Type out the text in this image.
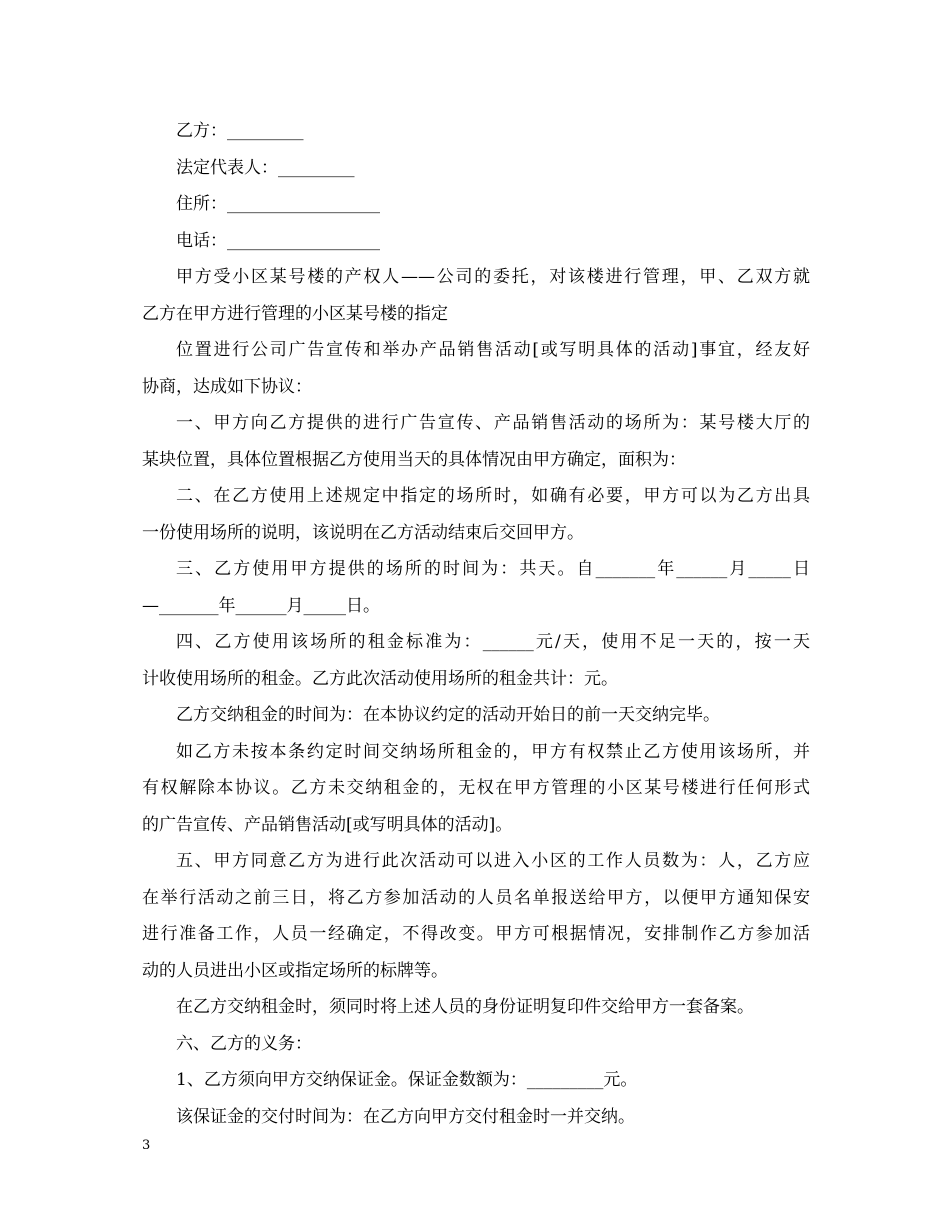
乙方：_________
法定代表人：_________
住所：__________________
电话：__________________
甲方受小区某号楼的产权人——公司的委托，对该楼进行管理，甲、乙双方就
乙方在甲方进行管理的小区某号楼的指定
位置进行公司广告宣传和举办产品销售活动[或写明具体的活动]事宜，经友好
协商，达成如下协议：
一、甲方向乙方提供的进行广告宣传、产品销售活动的场所为：某号楼大厅的
某块位置，具体位置根据乙方使用当天的具体情况由甲方确定，面积为：
二、在乙方使用上述规定中指定的场所时，如确有必要，甲方可以为乙方出具
一份使用场所的说明，该说明在乙方活动结束后交回甲方。
三、乙方使用甲方提供的场所的时间为：共天。自_______年______月_____日
—_______年______月_____日。
四、乙方使用该场所的租金标准为：______元/天，使用不足一天的，按一天
计收使用场所的租金。乙方此次活动使用场所的租金共计：元。
乙方交纳租金的时间为：在本协议约定的活动开始日的前一天交纳完毕。
如乙方未按本条约定时间交纳场所租金的，甲方有权禁止乙方使用该场所，并
有权解除本协议。乙方未交纳租金的，无权在甲方管理的小区某号楼进行任何形式
的广告宣传、产品销售活动[或写明具体的活动]。
五、甲方同意乙方为进行此次活动可以进入小区的工作人员数为：人，乙方应
在举行活动之前三日，将乙方参加活动的人员名单报送给甲方，以便甲方通知保安
进行准备工作，人员一经确定，不得改变。甲方可根据情况，安排制作乙方参加活
动的人员进出小区或指定场所的标牌等。
在乙方交纳租金时，须同时将上述人员的身份证明复印件交给甲方一套备案。
六、乙方的义务：
1、乙方须向甲方交纳保证金。保证金数额为：_________元。
该保证金的交付时间为：在乙方向甲方交付租金时一并交纳。
3
